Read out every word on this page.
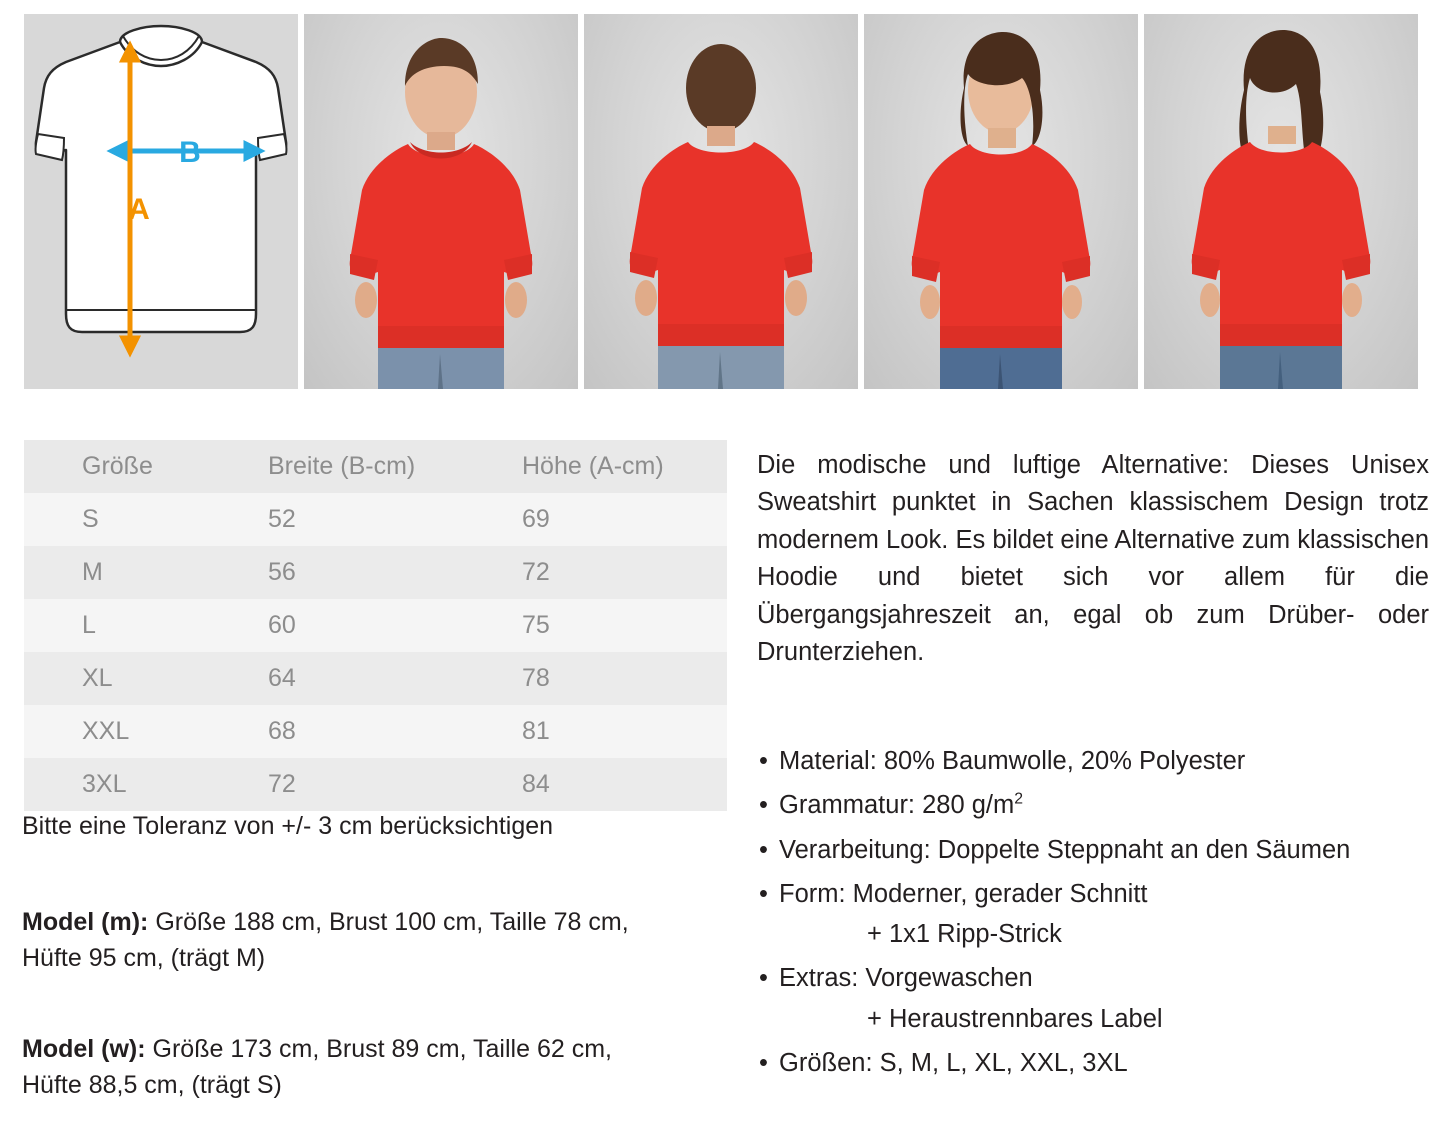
B
A
Größe	Breite (B-cm)	Höhe (A-cm)
S	52	69
M	56	72
L	60	75
XL	64	78
XXL	68	81
3XL	72	84
Bitte eine Toleranz von +/- 3 cm berücksichtigen
Model (m): Größe 188 cm, Brust 100 cm, Taille 78 cm,
Hüfte 95 cm, (trägt M)
Model (w): Größe 173 cm, Brust 89 cm, Taille 62 cm,
Hüfte 88,5 cm, (trägt S)
Die modische und luftige Alternative: Dieses Unisex Sweatshirt punktet in Sachen klassischem Design trotz modernem Look. Es bildet eine Alternative zum klassischen Hoodie und bietet sich vor allem für die Übergangsjahreszeit an, egal ob zum Drüber- oder Drunterziehen.
• Material: 80% Baumwolle, 20% Polyester
• Grammatur: 280 $g/m^2$
• Verarbeitung: Doppelte Steppnaht an den Säumen
• Form: Moderner, gerader Schnitt
+ 1x1 Ripp-Strick
• Extras: Vorgewaschen
+ Heraustrennbares Label
• Größen: S, M, L, XL, XXL, 3XL
